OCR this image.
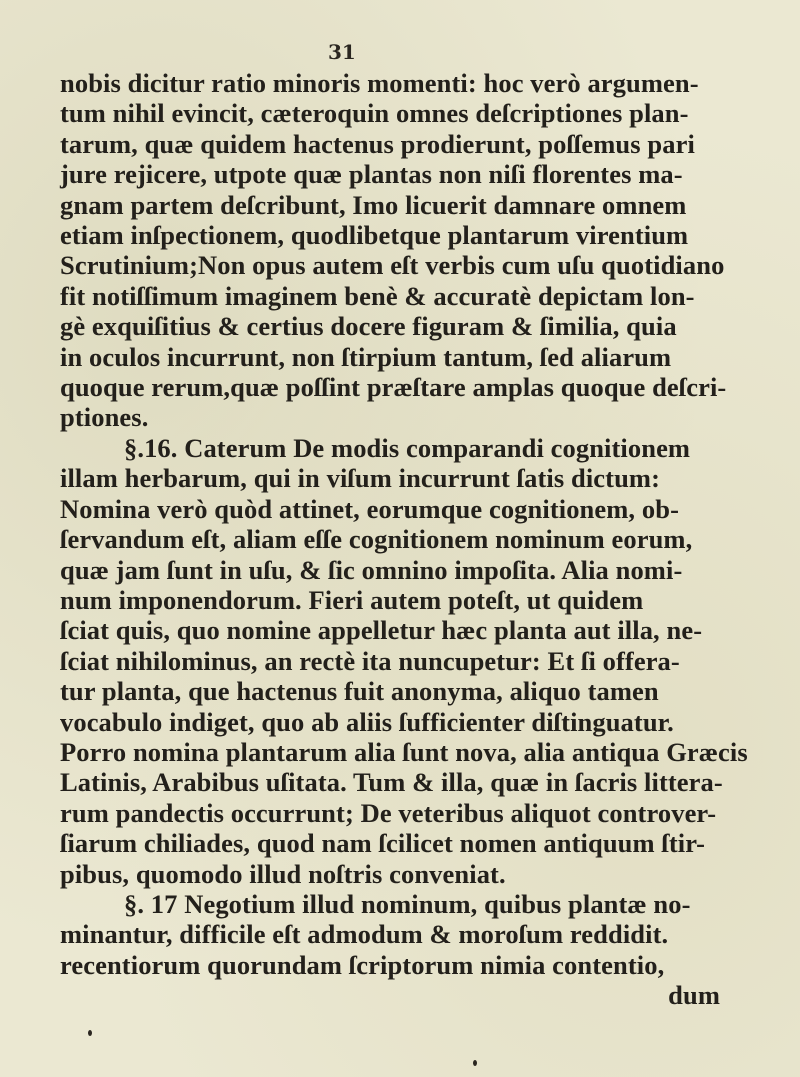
31
nobis dicitur ratio minoris momenti: hoc verò argumen-
tum nihil evincit, cæteroquin omnes deſcriptiones plan-
tarum, quæ quidem hactenus prodierunt, poſſemus pari
jure rejicere, utpote quæ plantas non niſi florentes ma-
gnam partem deſcribunt, Imo licuerit damnare omnem
etiam inſpectionem, quodlibetque plantarum virentium
Scrutinium;Non opus autem eſt verbis cum uſu quotidiano
fit notiſſimum imaginem benè & accuratè depictam lon-
gè exquiſitius & certius docere figuram & ſimilia, quia
in oculos incurrunt, non ſtirpium tantum, ſed aliarum
quoque rerum,quæ poſſint præſtare amplas quoque deſcri-
ptiones.
§.16. Caterum De modis comparandi cognitionem
illam herbarum, qui in viſum incurrunt ſatis dictum:
Nomina verò quòd attinet, eorumque cognitionem, ob-
ſervandum eſt, aliam eſſe cognitionem nominum eorum,
quæ jam ſunt in uſu, & ſic omnino impoſita. Alia nomi-
num imponendorum. Fieri autem poteſt, ut quidem
ſciat quis, quo nomine appelletur hæc planta aut illa, ne-
ſciat nihilominus, an rectè ita nuncupetur: Et ſi offera-
tur planta, que hactenus fuit anonyma, aliquo tamen
vocabulo indiget, quo ab aliis ſufficienter diſtinguatur.
Porro nomina plantarum alia ſunt nova, alia antiqua Græcis
Latinis, Arabibus uſitata. Tum & illa, quæ in ſacris littera-
rum pandectis occurrunt; De veteribus aliquot controver-
ſiarum chiliades, quod nam ſcilicet nomen antiquum ſtir-
pibus, quomodo illud noſtris conveniat.
§. 17 Negotium illud nominum, quibus plantæ no-
minantur, difficile eſt admodum & moroſum reddidit.
recentiorum quorundam ſcriptorum nimia contentio,
dum
